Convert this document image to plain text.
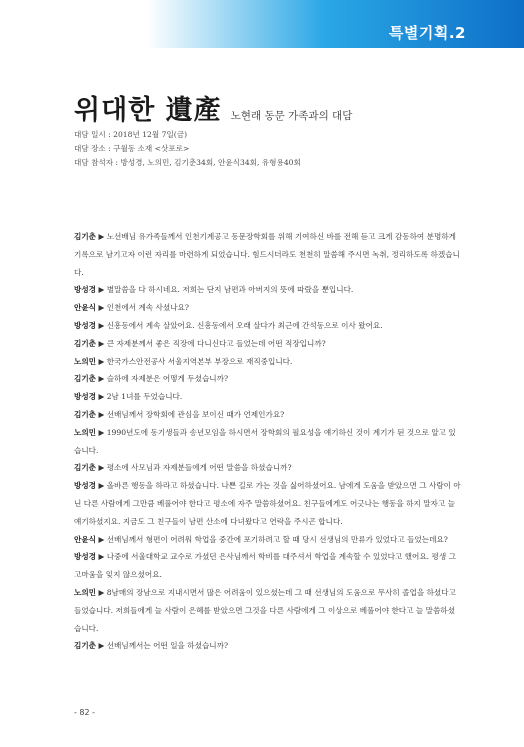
특별기획.2
위대한 遺產 노현래 동문 가족과의 대담
대담 일시 : 2018년 12월 7일(금)
대담 장소 : 구월동 소재 <삿포로>
대담 참석자 : 방성경, 노의민, 김기춘34회, 안윤식34회, 유형용40회

김기춘 ▶ 노선배님 유가족들께서 인천기계공고 동문장학회를 위해 기여하신 바를 전해 듣고 크게 감동하여 분명하게 기록으로 남기고자 이런 자리를 마련하게 되었습니다. 힘드시더라도 천천히 말씀해 주시면 녹취, 정리하도록 하겠습니다.

방성경 ▶ 별말씀을 다 하시네요. 저희는 단지 남편과 아버지의 뜻에 따랐을 뿐입니다.

안윤식 ▶ 인천에서 계속 사셨나요?

방성경 ▶ 신흥동에서 계속 살았어요. 신흥동에서 오래 살다가 최근에 간석동으로 이사 왔어요.

김기춘 ▶ 큰 자제분께서 좋은 직장에 다니신다고 들었는데 어떤 직장입니까?

노의민 ▶ 한국가스안전공사 서울지역본부 부장으로 재직중입니다.

김기춘 ▶ 슬하에 자제분은 어떻게 두셨습니까?

방성경 ▶ 2남 1녀를 두었습니다.

김기춘 ▶ 선배님께서 장학회에 관심을 보이신 때가 언제인가요?

노의민 ▶ 1990년도에 동기생들과 송년모임을 하시면서 장학회의 필요성을 얘기하신 것이 계기가 된 것으로 알고 있습니다.

김기춘 ▶ 평소에 사모님과 자제분들에게 어떤 말씀을 하셨습니까?

방성경 ▶ 올바른 행동을 하라고 하셨습니다. 나쁜 길로 가는 것을 싫어하셨어요. 남에게 도움을 받았으면 그 사람이 아닌 다른 사람에게 그만큼 베풀어야 한다고 평소에 자주 말씀하셨어요. 친구들에게도 어긋나는 행동을 하지 말자고 늘 얘기하셨지요. 지금도 그 친구들이 남편 산소에 다녀왔다고 연락을 주시곤 합니다.

안윤식 ▶ 선배님께서 형편이 어려워 학업을 중간에 포기하려고 할 때 당시 선생님의 만류가 있었다고 들었는데요?

방성경 ▶ 나중에 서울대학교 교수로 가셨던 은사님께서 학비를 대주셔서 학업을 계속할 수 있었다고 했어요. 평생 그 고마움을 잊지 않으셨어요.

노의민 ▶ 8남매의 장남으로 지내시면서 많은 어려움이 있으셨는데 그 때 선생님의 도움으로 무사히 졸업을 하셨다고 들었습니다. 저희들에게 늘 사람이 은혜를 받았으면 그것을 다른 사람에게 그 이상으로 베풀어야 한다고 늘 말씀하셨습니다.

김기춘 ▶ 선배님께서는 어떤 일을 하셨습니까?

- 82 -
